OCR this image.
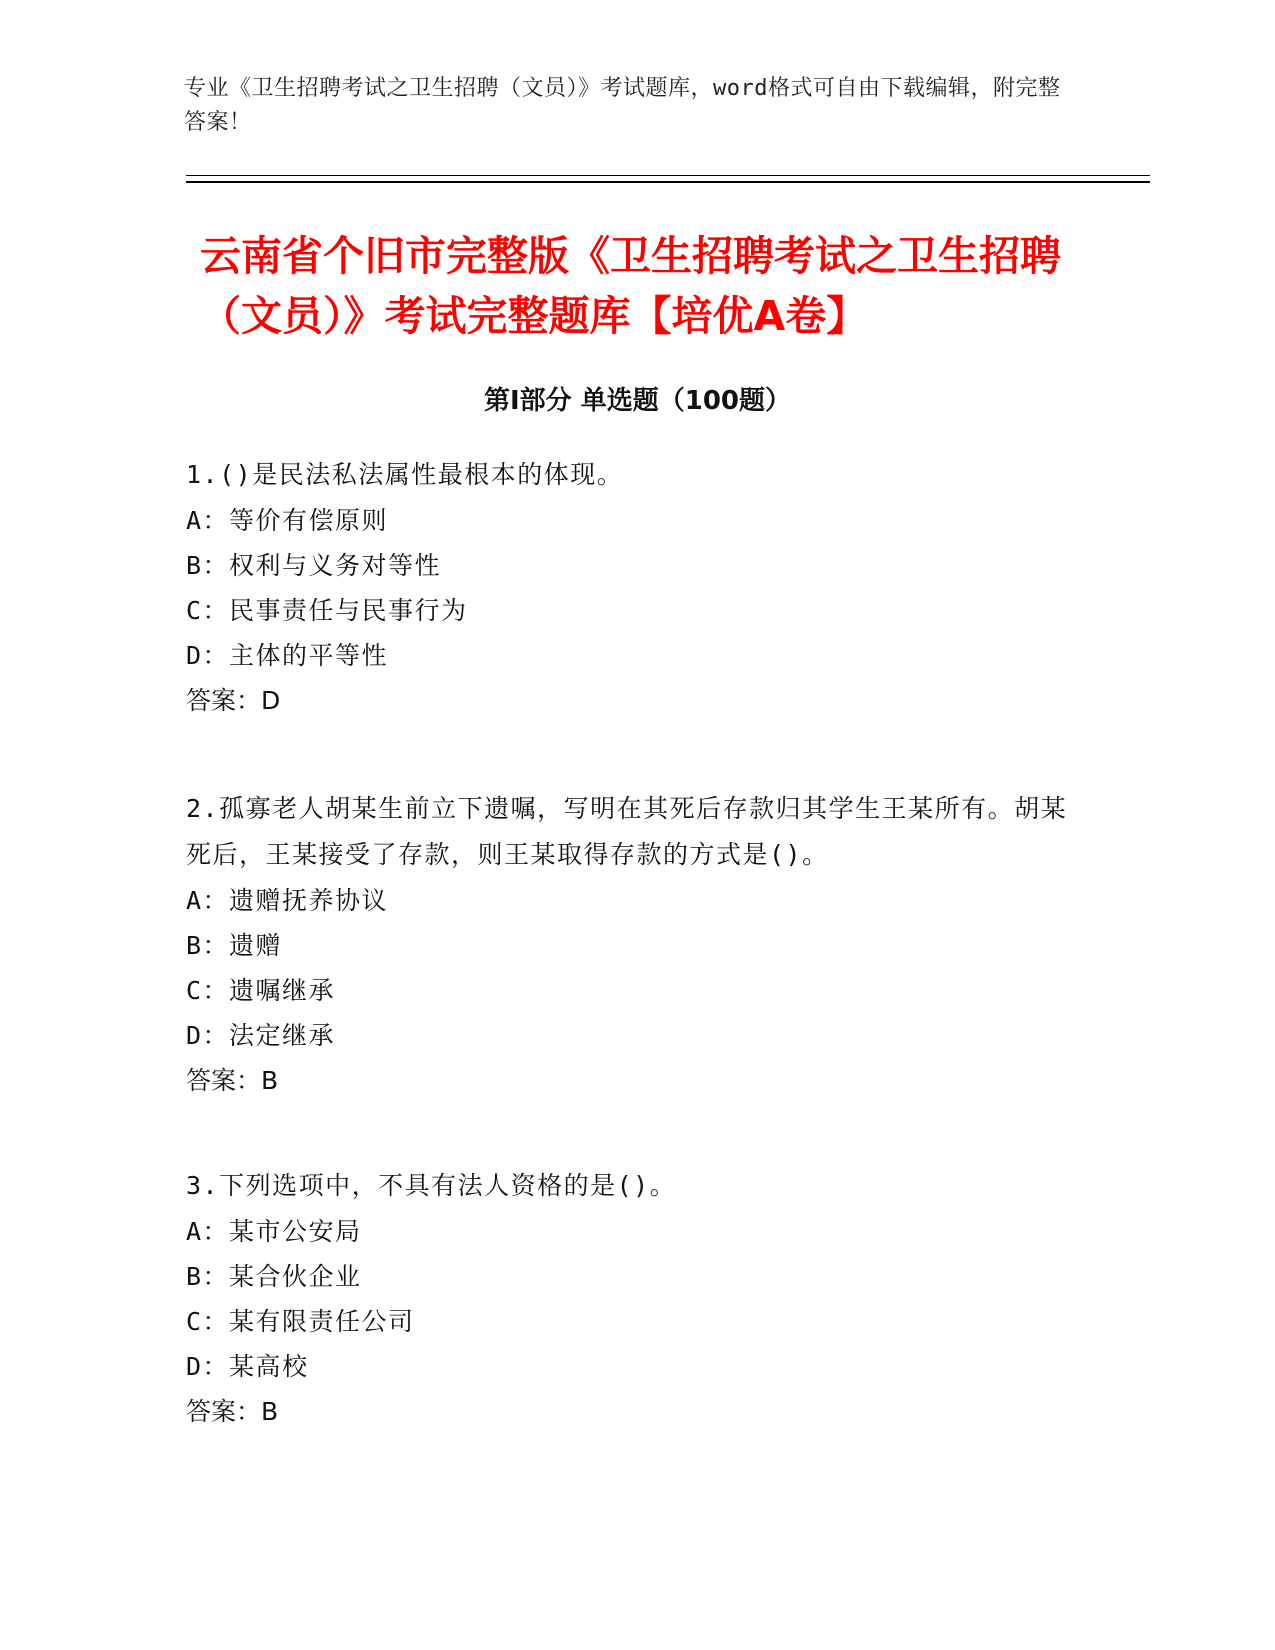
专业《卫生招聘考试之卫生招聘（文员）》考试题库，word格式可自由下载编辑，附完整答案！
云南省个旧市完整版《卫生招聘考试之卫生招聘（文员）》考试完整题库【培优A卷】
第I部分 单选题（100题）
1.()是民法私法属性最根本的体现。
A：等价有偿原则
B：权利与义务对等性
C：民事责任与民事行为
D：主体的平等性
答案：D
2.孤寡老人胡某生前立下遗嘱，写明在其死后存款归其学生王某所有。胡某死后，王某接受了存款，则王某取得存款的方式是()。
A：遗赠抚养协议
B：遗赠
C：遗嘱继承
D：法定继承
答案：B
3.下列选项中，不具有法人资格的是()。
A：某市公安局
B：某合伙企业
C：某有限责任公司
D：某高校
答案：B
